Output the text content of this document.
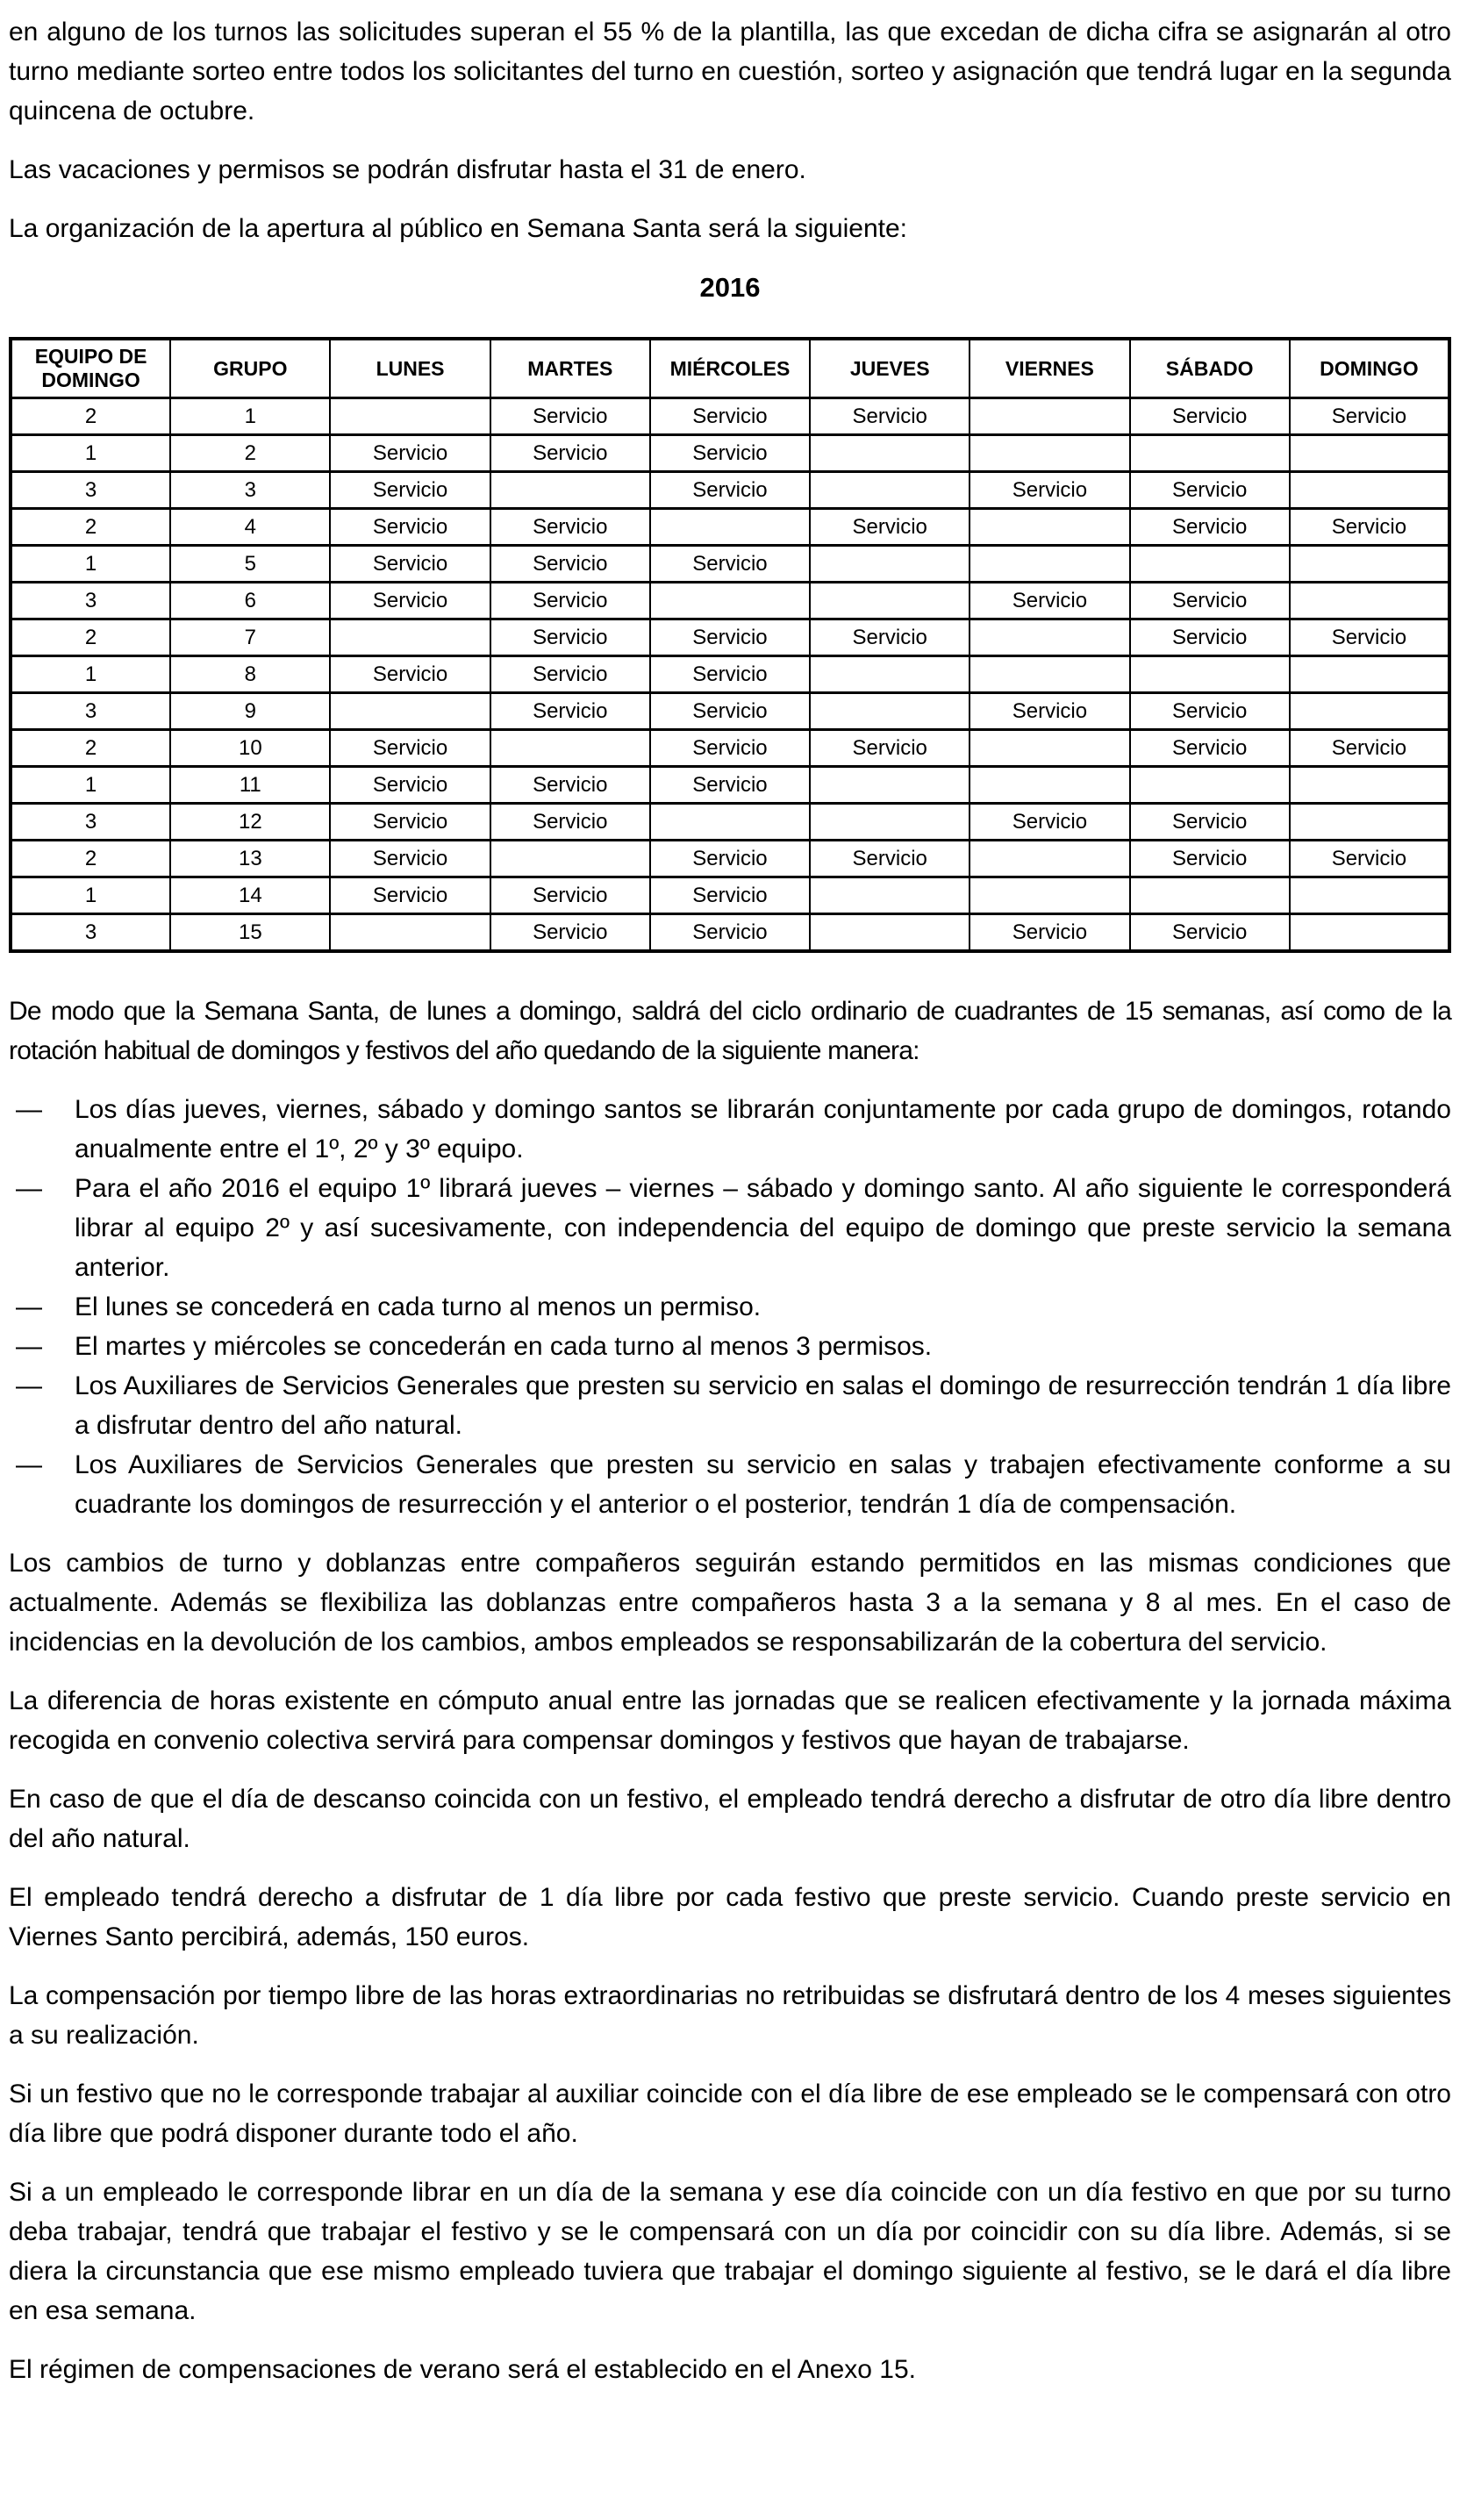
en alguno de los turnos las solicitudes superan el 55 % de la plantilla, las que excedan de dicha cifra se asignarán al otro turno mediante sorteo entre todos los solicitantes del turno en cuestión, sorteo y asignación que tendrá lugar en la segunda quincena de octubre.

Las vacaciones y permisos se podrán disfrutar hasta el 31 de enero.

La organización de la apertura al público en Semana Santa será la siguiente:

2016
EQUIPO DE DOMINGO	GRUPO	LUNES	MARTES	MIÉRCOLES	JUEVES	VIERNES	SÁBADO	DOMINGO
2	1		Servicio	Servicio	Servicio		Servicio	Servicio
1	2	Servicio	Servicio	Servicio				
3	3	Servicio		Servicio		Servicio	Servicio	
2	4	Servicio	Servicio		Servicio		Servicio	Servicio
1	5	Servicio	Servicio	Servicio				
3	6	Servicio	Servicio			Servicio	Servicio	
2	7		Servicio	Servicio	Servicio		Servicio	Servicio
1	8	Servicio	Servicio	Servicio				
3	9		Servicio	Servicio		Servicio	Servicio	
2	10	Servicio		Servicio	Servicio		Servicio	Servicio
1	11	Servicio	Servicio	Servicio				
3	12	Servicio	Servicio			Servicio	Servicio	
2	13	Servicio		Servicio	Servicio		Servicio	Servicio
1	14	Servicio	Servicio	Servicio				
3	15		Servicio	Servicio		Servicio	Servicio	

De modo que la Semana Santa, de lunes a domingo, saldrá del ciclo ordinario de cuadrantes de 15 semanas, así como de la rotación habitual de domingos y festivos del año quedando de la siguiente manera:

—	Los días jueves, viernes, sábado y domingo santos se librarán conjuntamente por cada grupo de domingos, rotando anualmente entre el 1º, 2º y 3º equipo.
—	Para el año 2016 el equipo 1º librará jueves – viernes – sábado y domingo santo. Al año siguiente le corresponderá librar al equipo 2º y así sucesivamente, con independencia del equipo de domingo que preste servicio la semana anterior.
—	El lunes se concederá en cada turno al menos un permiso.
—	El martes y miércoles se concederán en cada turno al menos 3 permisos.
—	Los Auxiliares de Servicios Generales que presten su servicio en salas el domingo de resurrección tendrán 1 día libre a disfrutar dentro del año natural.
—	Los Auxiliares de Servicios Generales que presten su servicio en salas y trabajen efectivamente conforme a su cuadrante los domingos de resurrección y el anterior o el posterior, tendrán 1 día de compensación.

Los cambios de turno y doblanzas entre compañeros seguirán estando permitidos en las mismas condiciones que actualmente. Además se flexibiliza las doblanzas entre compañeros hasta 3 a la semana y 8 al mes. En el caso de incidencias en la devolución de los cambios, ambos empleados se responsabilizarán de la cobertura del servicio.

La diferencia de horas existente en cómputo anual entre las jornadas que se realicen efectivamente y la jornada máxima recogida en convenio colectiva servirá para compensar domingos y festivos que hayan de trabajarse.

En caso de que el día de descanso coincida con un festivo, el empleado tendrá derecho a disfrutar de otro día libre dentro del año natural.

El empleado tendrá derecho a disfrutar de 1 día libre por cada festivo que preste servicio. Cuando preste servicio en Viernes Santo percibirá, además, 150 euros.

La compensación por tiempo libre de las horas extraordinarias no retribuidas se disfrutará dentro de los 4 meses siguientes a su realización.

Si un festivo que no le corresponde trabajar al auxiliar coincide con el día libre de ese empleado se le compensará con otro día libre que podrá disponer durante todo el año.

Si a un empleado le corresponde librar en un día de la semana y ese día coincide con un día festivo en que por su turno deba trabajar, tendrá que trabajar el festivo y se le compensará con un día por coincidir con su día libre. Además, si se diera la circunstancia que ese mismo empleado tuviera que trabajar el domingo siguiente al festivo, se le dará el día libre en esa semana.

El régimen de compensaciones de verano será el establecido en el Anexo 15.
